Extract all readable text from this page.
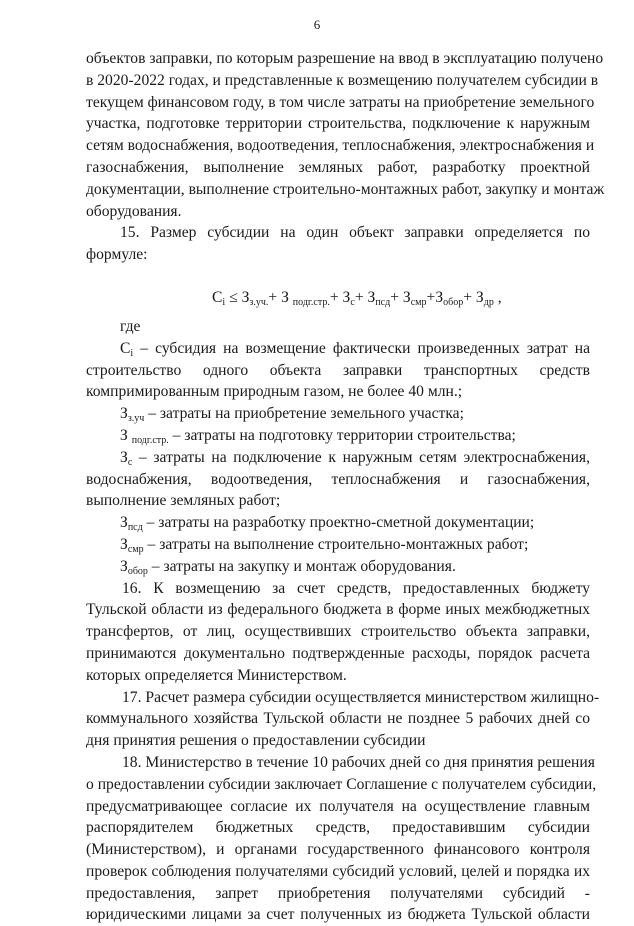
6
объектов заправки, по которым разрешение на ввод в эксплуатацию получено
в 2020-2022 годах, и представленные к возмещению получателем субсидии в
текущем финансовом году, в том числе затраты на приобретение земельного
участка, подготовке территории строительства, подключение к наружным
сетям водоснабжения, водоотведения, теплоснабжения, электроснабжения и
газоснабжения, выполнение земляных работ, разработку проектной
документации, выполнение строительно-монтажных работ, закупку и монтаж
оборудования.
15. Размер субсидии на один объект заправки определяется по
формуле:
$C_i \le З_{з.уч.}+ З$ $_{подг.стр.}+ З_с+ З_{псд}+ З_{смр}+З_{обор}+ З_{др}$ ,
где
$C_i$ – субсидия на возмещение фактически произведенных затрат на
строительство одного объекта заправки транспортных средств
компримированным природным газом, не более 40 млн.;
$З_{з.уч}$ – затраты на приобретение земельного участка;
З $_{подг.стр.}$ – затраты на подготовку территории строительства;
$З_с$ – затраты на подключение к наружным сетям электроснабжения,
водоснабжения, водоотведения, теплоснабжения и газоснабжения,
выполнение земляных работ;
$З_{псд}$ – затраты на разработку проектно-сметной документации;
$З_{смр}$ – затраты на выполнение строительно-монтажных работ;
$З_{обор}$ – затраты на закупку и монтаж оборудования.
16. К возмещению за счет средств, предоставленных бюджету
Тульской области из федерального бюджета в форме иных межбюджетных
трансфертов, от лиц, осуществивших строительство объекта заправки,
принимаются документально подтвержденные расходы, порядок расчета
которых определяется Министерством.
17. Расчет размера субсидии осуществляется министерством жилищно-
коммунального хозяйства Тульской области не позднее 5 рабочих дней со
дня принятия решения о предоставлении субсидии
18. Министерство в течение 10 рабочих дней со дня принятия решения
о предоставлении субсидии заключает Соглашение с получателем субсидии,
предусматривающее согласие их получателя на осуществление главным
распорядителем бюджетных средств, предоставившим субсидии
(Министерством), и органами государственного финансового контроля
проверок соблюдения получателями субсидий условий, целей и порядка их
предоставления, запрет приобретения получателями субсидий -
юридическими лицами за счет полученных из бюджета Тульской области
